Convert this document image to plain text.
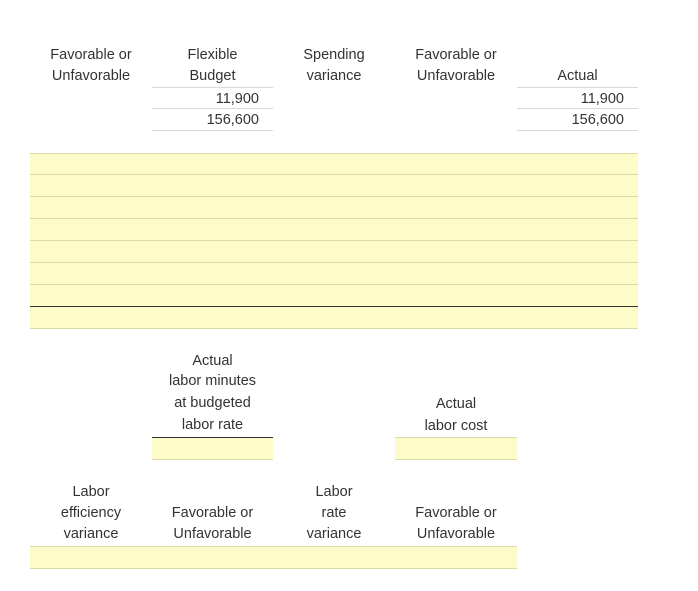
Favorable or
Unfavorable
Flexible
Budget
Spending
variance
Favorable or
Unfavorable	Actual
11,900
156,600
11,900
156,600
Actual
labor minutes
at budgeted
labor rate
Actual
labor cost
Labor
efficiency
variance
Favorable or
Unfavorable
Labor
rate
variance
Favorable or
Unfavorable
